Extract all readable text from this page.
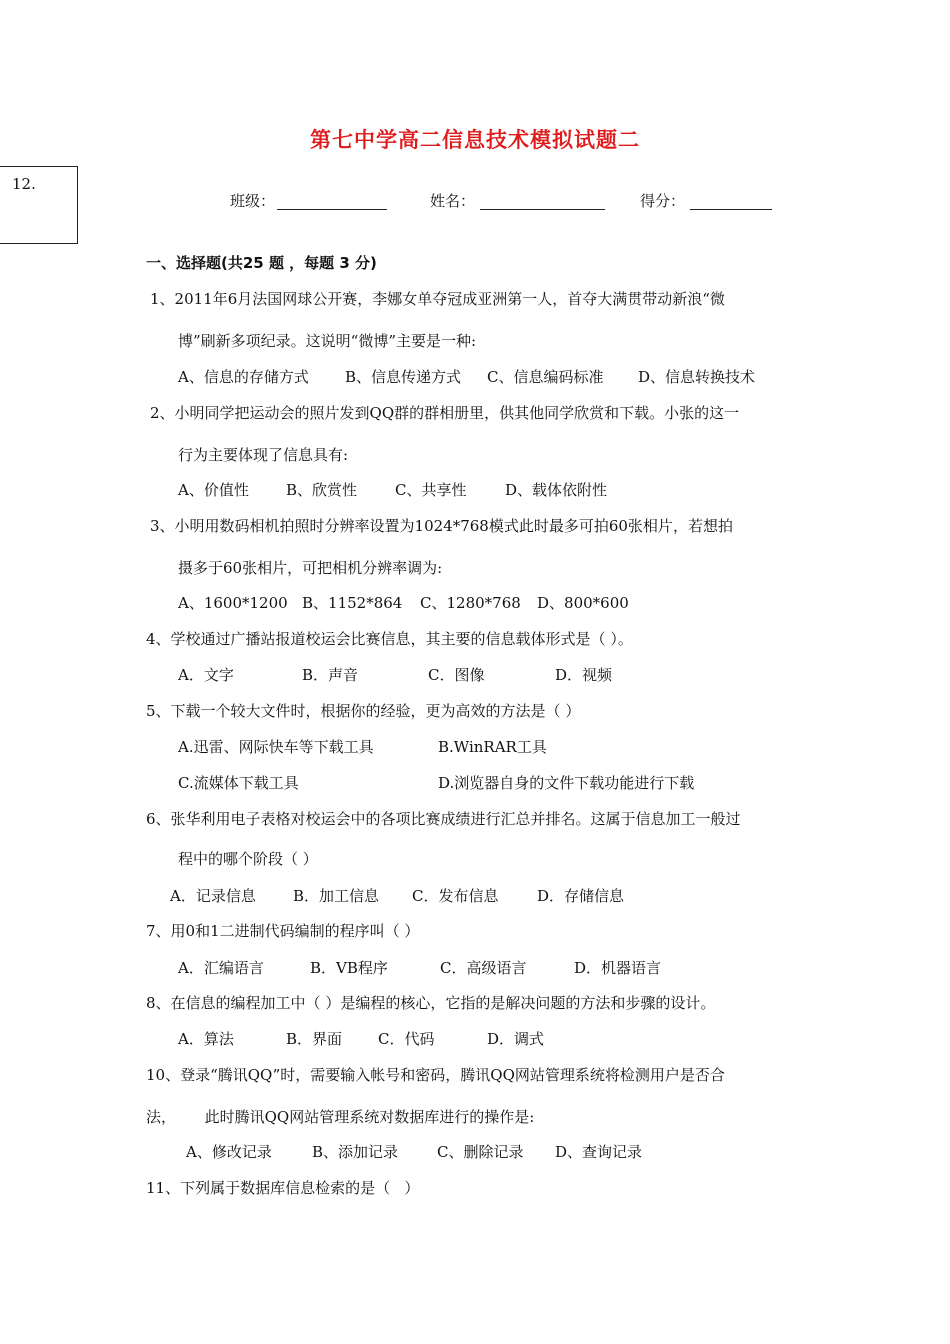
第七中学高二信息技术模拟试题二
12.
班级：	姓名：	得分：
一、选择题(共25 题 ，每题 3 分)
1、2011年6月法国网球公开赛，李娜女单夺冠成亚洲第一人，首夺大满贯带动新浪“微
博”刷新多项纪录。这说明“微博”主要是一种:
A、信息的存储方式 B、信息传递方式 C、信息编码标准 D、信息转换技术
2、小明同学把运动会的照片发到QQ群的群相册里，供其他同学欣赏和下载。小张的这一
行为主要体现了信息具有:
A、价值性 B、欣赏性	C、共享性	D、载体依附性
3、小明用数码相机拍照时分辨率设置为1024*768模式此时最多可拍60张相片，若想拍
摄多于60张相片，可把相机分辨率调为:
A、1600*1200 B、1152*864 C、1280*768 D、800*600
4、学校通过广播站报道校运会比赛信息，其主要的信息载体形式是（ ）。
A．文字	B．声音	C．图像	D．视频
5、下载一个较大文件时，根据你的经验，更为高效的方法是（ ）
A.迅雷、网际快车等下载工具	B.WinRAR工具
C.流媒体下载工具	D.浏览器自身的文件下载功能进行下载
6、张华利用电子表格对校运会中的各项比赛成绩进行汇总并排名。这属于信息加工一般过
程中的哪个阶段（ ）
A．记录信息 B．加工信息 C．发布信息	D．存储信息
7、用0和1二进制代码编制的程序叫（ ）
A．汇编语言	B．VB程序	C．高级语言	D．机器语言
8、在信息的编程加工中（ ）是编程的核心，它指的是解决问题的方法和步骤的设计。
A．算法	B．界面 C．代码	D．调式
10、登录“腾讯QQ”时，需要输入帐号和密码，腾讯QQ网站管理系统将检测用户是否合
法，      此时腾讯QQ网站管理系统对数据库进行的操作是:
A、修改记录	B、添加记录	C、删除记录 D、查询记录
11、下列属于数据库信息检索的是（   ）
